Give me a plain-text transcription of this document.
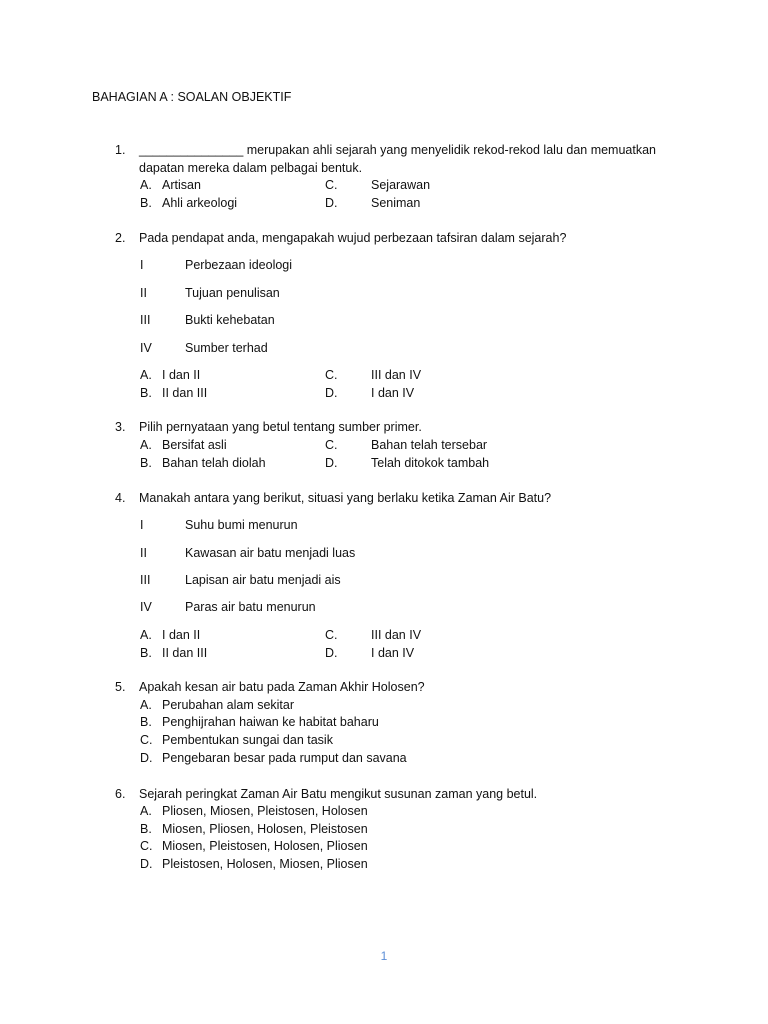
BAHAGIAN A : SOALAN OBJEKTIF
1. _______________ merupakan ahli sejarah yang menyelidik rekod-rekod lalu dan memuatkan
dapatan mereka dalam pelbagai bentuk.
A. Artisan	C.	Sejarawan
B. Ahli arkeologi	D.	Seniman
2. Pada pendapat anda, mengapakah wujud perbezaan tafsiran dalam sejarah?
I	Perbezaan ideologi
II	Tujuan penulisan
III	Bukti kehebatan
IV	Sumber terhad
A. I dan II	C.	III dan IV
B. II dan III	D.	I dan IV
3. Pilih pernyataan yang betul tentang sumber primer.
A. Bersifat asli	C.	Bahan telah tersebar
B. Bahan telah diolah	D.	Telah ditokok tambah
4. Manakah antara yang berikut, situasi yang berlaku ketika Zaman Air Batu?
I	Suhu bumi menurun
II	Kawasan air batu menjadi luas
III	Lapisan air batu menjadi ais
IV	Paras air batu menurun
A. I dan II	C.	III dan IV
B. II dan III	D.	I dan IV
5. Apakah kesan air batu pada Zaman Akhir Holosen?
A. Perubahan alam sekitar
B. Penghijrahan haiwan ke habitat baharu
C. Pembentukan sungai dan tasik
D. Pengebaran besar pada rumput dan savana
6. Sejarah peringkat Zaman Air Batu mengikut susunan zaman yang betul.
A. Pliosen, Miosen, Pleistosen, Holosen
B. Miosen, Pliosen, Holosen, Pleistosen
C. Miosen, Pleistosen, Holosen, Pliosen
D. Pleistosen, Holosen, Miosen, Pliosen
1
